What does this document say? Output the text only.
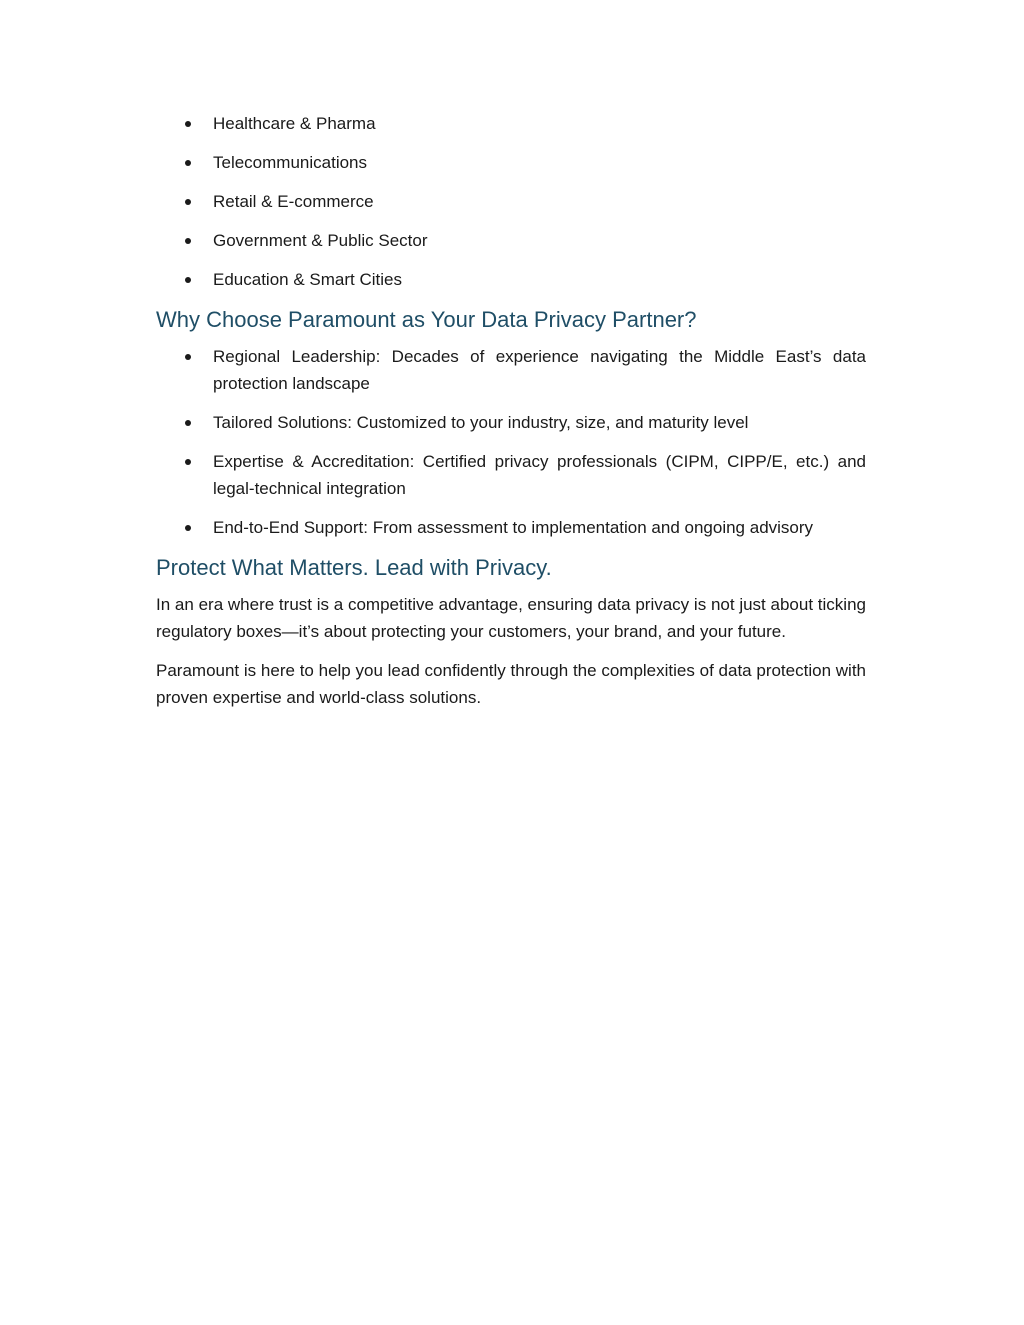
Healthcare & Pharma
Telecommunications
Retail & E-commerce
Government & Public Sector
Education & Smart Cities
Why Choose Paramount as Your Data Privacy Partner?
Regional Leadership: Decades of experience navigating the Middle East’s data protection landscape
Tailored Solutions: Customized to your industry, size, and maturity level
Expertise & Accreditation: Certified privacy professionals (CIPM, CIPP/E, etc.) and legal-technical integration
End-to-End Support: From assessment to implementation and ongoing advisory
Protect What Matters. Lead with Privacy.

In an era where trust is a competitive advantage, ensuring data privacy is not just about ticking regulatory boxes—it’s about protecting your customers, your brand, and your future.

Paramount is here to help you lead confidently through the complexities of data protection with proven expertise and world-class solutions.
